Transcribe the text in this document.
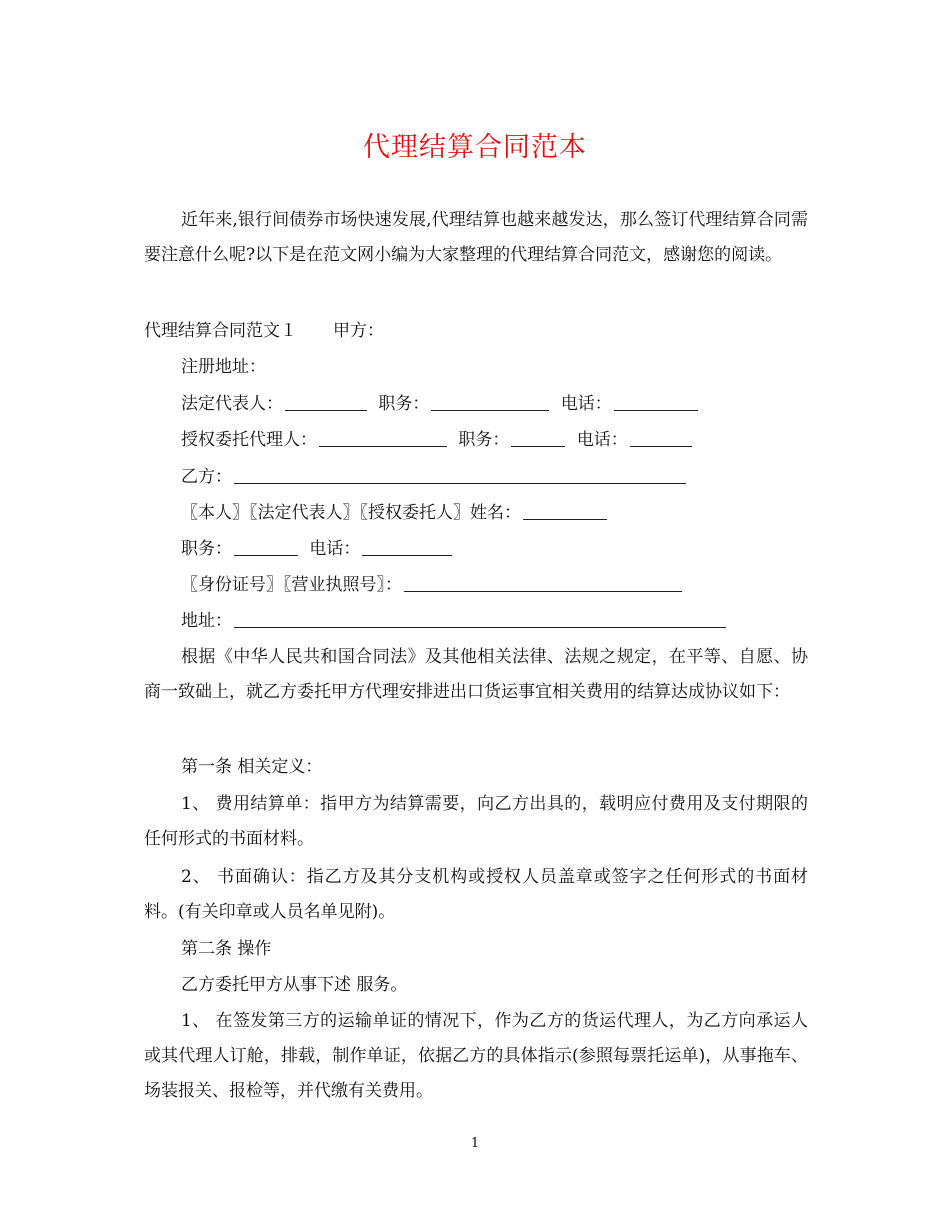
代理结算合同范本
近年来,银行间债券市场快速发展,代理结算也越来越发达，那么签订代理结算合同需要注意什么呢?以下是在范文网小编为大家整理的代理结算合同范文，感谢您的阅读。
代理结算合同范文１ 甲方：
注册地址：
法定代表人：	职务：	电话：
授权委托代理人：	职务：	电话：
乙方：
〖本人〗〖法定代表人〗〖授权委托人〗姓名：
职务：	电话：
〖身份证号〗〖营业执照号〗：
地址：
根据《中华人民共和国合同法》及其他相关法律、法规之规定，在平等、自愿、协商一致础上，就乙方委托甲方代理安排进出口货运事宜相关费用的结算达成协议如下：
第一条 相关定义：
1、 费用结算单：指甲方为结算需要，向乙方出具的，载明应付费用及支付期限的任何形式的书面材料。
2、 书面确认：指乙方及其分支机构或授权人员盖章或签字之任何形式的书面材料。(有关印章或人员名单见附)。
第二条 操作
乙方委托甲方从事下述 服务。
1、 在签发第三方的运输单证的情况下，作为乙方的货运代理人，为乙方向承运人或其代理人订舱，排载，制作单证，依据乙方的具体指示(参照每票托运单)，从事拖车、场装报关、报检等，并代缴有关费用。
1
